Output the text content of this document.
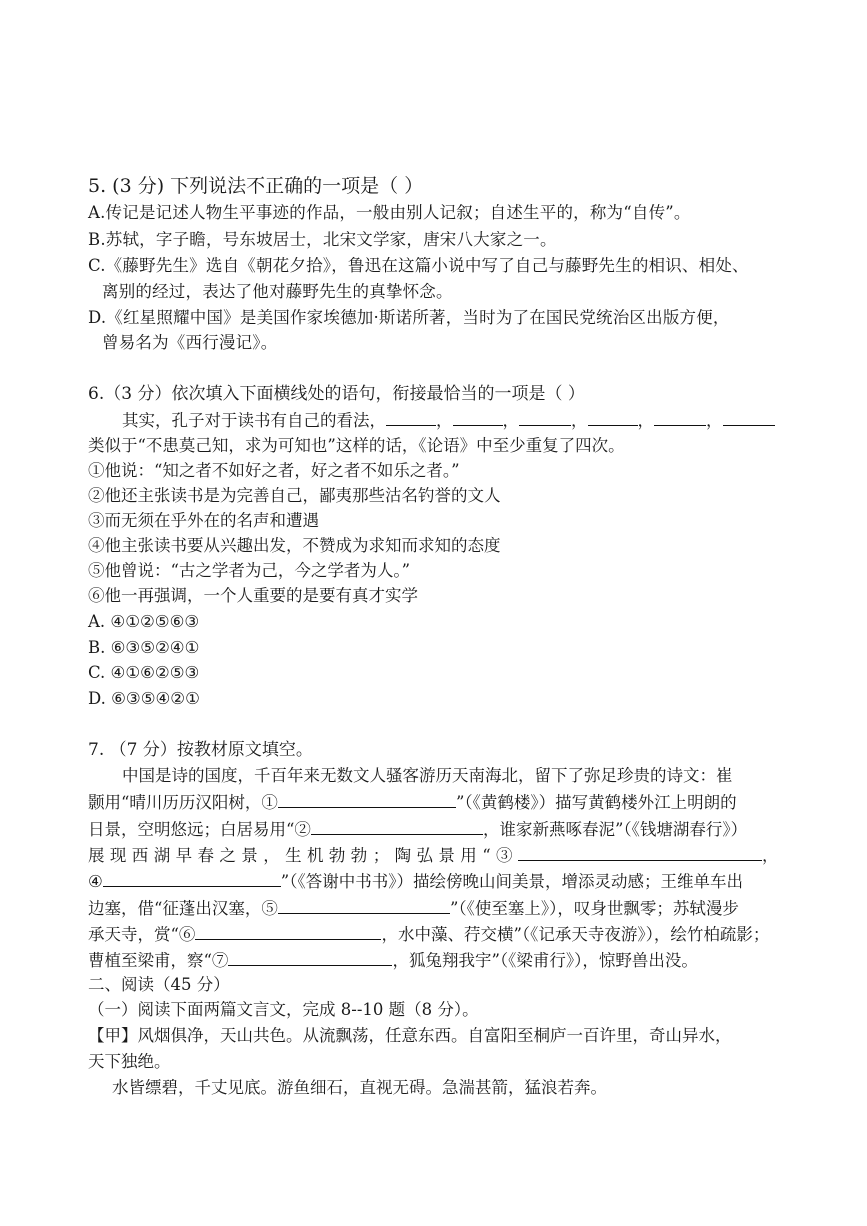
5. (3 分) 下列说法不正确的一项是（ ）
A.传记是记述人物生平事迹的作品，一般由别人记叙；自述生平的，称为“自传”。
B.苏轼，字子瞻，号东坡居士，北宋文学家，唐宋八大家之一。
C.《藤野先生》选自《朝花夕拾》，鲁迅在这篇小说中写了自己与藤野先生的相识、相处、
离别的经过，表达了他对藤野先生的真挚怀念。
D.《红星照耀中国》是美国作家埃德加·斯诺所著，当时为了在国民党统治区出版方便，
曾易名为《西行漫记》。
6.（3 分）依次填入下面横线处的语句，衔接最恰当的一项是（ ）
其实，孔子对于读书有自己的看法，	，	，	，	，	，
类似于“不患莫己知，求为可知也”这样的话，《论语》中至少重复了四次。
①他说：“知之者不如好之者，好之者不如乐之者。”
②他还主张读书是为完善自己，鄙夷那些沽名钓誉的文人
③而无须在乎外在的名声和遭遇
④他主张读书要从兴趣出发，不赞成为求知而求知的态度
⑤他曾说：“古之学者为己，今之学者为人。”
⑥他一再强调，一个人重要的是要有真才实学
A. ④①②⑤⑥③
B. ⑥③⑤②④①
C. ④①⑥②⑤③
D. ⑥③⑤④②①
7. （7 分）按教材原文填空。
中国是诗的国度，千百年来无数文人骚客游历天南海北，留下了弥足珍贵的诗文：崔
颢用“晴川历历汉阳树，①	”（《黄鹤楼》）描写黄鹤楼外江上明朗的
日景，空明悠远；白居易用“②	，谁家新燕啄春泥”（《钱塘湖春行》）
展现西湖早春之景，生机勃勃；陶弘景用“③	，
④	”（《答谢中书书》）描绘傍晚山间美景，增添灵动感；王维单车出
边塞，借“征蓬出汉塞，⑤	”（《使至塞上》），叹身世飘零；苏轼漫步
承天寺，赏“⑥	，水中藻、荇交横”（《记承天寺夜游》），绘竹柏疏影；
曹植至梁甫，察“⑦	，狐兔翔我宇”（《梁甫行》），惊野兽出没。
二、阅读（45 分）
（一）阅读下面两篇文言文，完成 8--10 题（8 分）。
【甲】风烟俱净，天山共色。从流飘荡，任意东西。自富阳至桐庐一百许里，奇山异水，
天下独绝。
水皆缥碧，千丈见底。游鱼细石，直视无碍。急湍甚箭，猛浪若奔。
